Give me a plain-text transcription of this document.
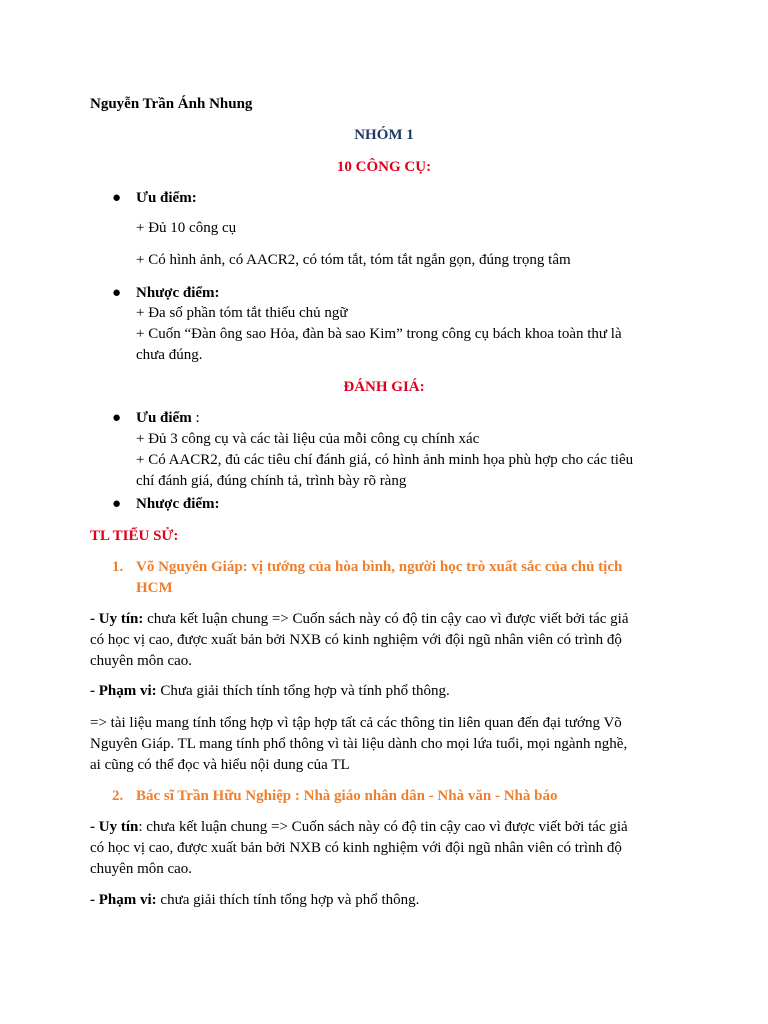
Nguyễn Trần Ánh Nhung
NHÓM 1
10 CÔNG CỤ:
● Ưu điểm:
+ Đủ 10 công cụ
+ Có hình ảnh, có AACR2, có tóm tắt, tóm tắt ngắn gọn, đúng trọng tâm
● Nhược điểm:
+ Đa số phần tóm tắt thiếu chủ ngữ
+ Cuốn “Đàn ông sao Hỏa, đàn bà sao Kim” trong công cụ bách khoa toàn thư là
chưa đúng.
ĐÁNH GIÁ:
● Ưu điểm :
+ Đủ 3 công cụ và các tài liệu của mỗi công cụ chính xác
+ Có AACR2, đủ các tiêu chí đánh giá, có hình ảnh minh họa phù hợp cho các tiêu
chí đánh giá, đúng chính tả, trình bày rõ ràng
● Nhược điểm:
TL TIỂU SỬ:
1. Võ Nguyên Giáp: vị tướng của hòa bình, người học trò xuất sắc của chủ tịch
HCM
- Uy tín: chưa kết luận chung => Cuốn sách này có độ tin cậy cao vì được viết bởi tác giả
có học vị cao, được xuất bản bởi NXB có kinh nghiệm với đội ngũ nhân viên có trình độ
chuyên môn cao.
- Phạm vi: Chưa giải thích tính tổng hợp và tính phổ thông.
=> tài liệu mang tính tổng hợp vì tập hợp tất cả các thông tin liên quan đến đại tướng Võ
Nguyên Giáp. TL mang tính phổ thông vì tài liệu dành cho mọi lứa tuổi, mọi ngành nghề,
ai cũng có thể đọc và hiểu nội dung của TL
2. Bác sĩ Trần Hữu Nghiệp : Nhà giáo nhân dân - Nhà văn - Nhà báo
- Uy tín: chưa kết luận chung => Cuốn sách này có độ tin cậy cao vì được viết bởi tác giả
có học vị cao, được xuất bản bởi NXB có kinh nghiệm với đội ngũ nhân viên có trình độ
chuyên môn cao.
- Phạm vi: chưa giải thích tính tổng hợp và phổ thông.
